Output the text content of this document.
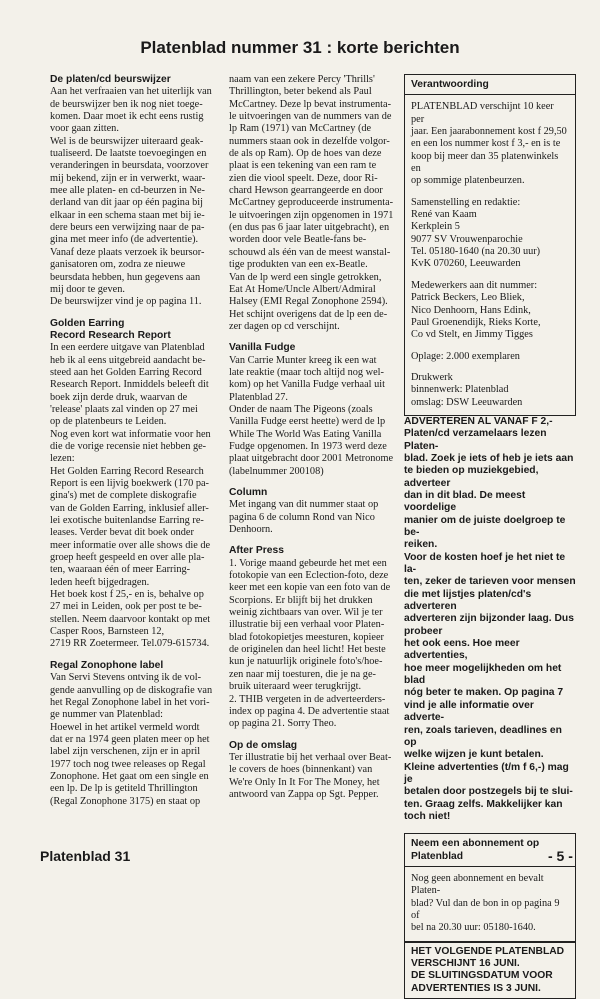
Platenblad nummer 31 : korte berichten
De platen/cd beurswijzer

Aan het verfraaien van het uiterlijk van
de beurswijzer ben ik nog niet toege-
komen. Daar moet ik echt eens rustig
voor gaan zitten.
Wel is de beurswijzer uiteraard geak-
tualiseerd. De laatste toevoegingen en
veranderingen in beursdata, voorzover
mij bekend, zijn er in verwerkt, waar-
mee alle platen- en cd-beurzen in Ne-
derland van dit jaar op één pagina bij
elkaar in een schema staan met bij ie-
dere beurs een verwijzing naar de pa-
gina met meer info (de advertentie).
Vanaf deze plaats verzoek ik beursor-
ganisatoren om, zodra ze nieuwe
beursdata hebben, hun gegevens aan
mij door te geven.
De beurswijzer vind je op pagina 11.

Golden Earring
Record Research Report

In een eerdere uitgave van Platenblad
heb ik al eens uitgebreid aandacht be-
steed aan het Golden Earring Record
Research Report. Inmiddels beleeft dit
boek zijn derde druk, waarvan de
'release' plaats zal vinden op 27 mei
op de platenbeurs te Leiden.
Nog even kort wat informatie voor hen
die de vorige recensie niet hebben ge-
lezen:
Het Golden Earring Record Research
Report is een lijvig boekwerk (170 pa-
gina's) met de complete diskografie
van de Golden Earring, inklusief aller-
lei exotische buitenlandse Earring re-
leases. Verder bevat dit boek onder
meer informatie over alle shows die de
groep heeft gespeeld en over alle pla-
ten, waaraan één of meer Earring-
leden heeft bijgedragen.
Het boek kost f 25,- en is, behalve op
27 mei in Leiden, ook per post te be-
stellen. Neem daarvoor kontakt op met
Casper Roos, Barnsteen 12,
2719 RR Zoetermeer. Tel.079-615734.

Regal Zonophone label

Van Servi Stevens ontving ik de vol-
gende aanvulling op de diskografie van
het Regal Zonophone label in het vori-
ge nummer van Platenblad:
Hoewel in het artikel vermeld wordt
dat er na 1974 geen platen meer op het
label zijn verschenen, zijn er in april
1977 toch nog twee releases op Regal
Zonophone. Het gaat om een single en
een lp. De lp is getiteld Thrillington
(Regal Zonophone 3175) en staat op

naam van een zekere Percy 'Thrills'
Thrillington, beter bekend als Paul
McCartney. Deze lp bevat instrumenta-
le uitvoeringen van de nummers van de
lp Ram (1971) van McCartney (de
nummers staan ook in dezelfde volgor-
de als op Ram). Op de hoes van deze
plaat is een tekening van een ram te
zien die viool speelt. Deze, door Ri-
chard Hewson gearrangeerde en door
McCartney geproduceerde instrumenta-
le uitvoeringen zijn opgenomen in 1971
(en dus pas 6 jaar later uitgebracht), en
worden door vele Beatle-fans be-
schouwd als één van de meest wanstal-
tige produkten van een ex-Beatle.
Van de lp werd een single getrokken,
Eat At Home/Uncle Albert/Admiral
Halsey (EMI Regal Zonophone 2594).
Het schijnt overigens dat de lp een de-
zer dagen op cd verschijnt.

Vanilla Fudge

Van Carrie Munter kreeg ik een wat
late reaktie (maar toch altijd nog wel-
kom) op het Vanilla Fudge verhaal uit
Platenblad 27.
Onder de naam The Pigeons (zoals
Vanilla Fudge eerst heette) werd de lp
While The World Was Eating Vanilla
Fudge opgenomen. In 1973 werd deze
plaat uitgebracht door 2001 Metronome
(labelnummer 200108)

Column

Met ingang van dit nummer staat op
pagina 6 de column Rond van Nico
Denhoorn.

After Press

1. Vorige maand gebeurde het met een
fotokopie van een Eclection-foto, deze
keer met een kopie van een foto van de
Scorpions. Er blijft bij het drukken
weinig zichtbaars van over. Wil je ter
illustratie bij een verhaal voor Platen-
blad fotokopietjes meesturen, kopieer
de originelen dan heel licht! Het beste
kun je natuurlijk originele foto's/hoe-
zen naar mij toesturen, die je na ge-
bruik uiteraard weer terugkrijgt.
2. THIB vergeten in de adverteerders-
index op pagina 4. De advertentie staat
op pagina 21. Sorry Theo.

Op de omslag

Ter illustratie bij het verhaal over Beat-
le covers de hoes (binnenkant) van
We're Only In It For The Money, het
antwoord van Zappa op Sgt. Pepper.

Verantwoording

PLATENBLAD verschijnt 10 keer per
jaar. Een jaarabonnement kost f 29,50
en een los nummer kost f 3,- en is te
koop bij meer dan 35 platenwinkels en
op sommige platenbeurzen.

Samenstelling en redaktie:
René van Kaam
Kerkplein 5
9077 SV Vrouwenparochie
Tel. 05180-1640 (na 20.30 uur)
KvK 070260, Leeuwarden

Medewerkers aan dit nummer:
Patrick Beckers, Leo Bliek,
Nico Denhoorn, Hans Edink,
Paul Groenendijk, Rieks Korte,
Co vd Stelt, en Jimmy Tigges

Oplage: 2.000 exemplaren

Drukwerk
binnenwerk: Platenblad
omslag: DSW Leeuwarden

ADVERTEREN AL VANAF F 2,-
Platen/cd verzamelaars lezen Platen-
blad. Zoek je iets of heb je iets aan
te bieden op muziekgebied, adverteer
dan in dit blad. De meest voordelige
manier om de juiste doelgroep te be-
reiken.
Voor de kosten hoef je het niet te la-
ten, zeker de tarieven voor mensen
die met lijstjes platen/cd's adverteren
adverteren zijn bijzonder laag. Dus probeer
het ook eens. Hoe meer advertenties,
hoe meer mogelijkheden om het blad
nóg beter te maken. Op pagina 7
vind je alle informatie over adverte-
ren, zoals tarieven, deadlines en op
welke wijzen je kunt betalen.
Kleine advertenties (t/m f 6,-) mag je
betalen door postzegels bij te slui-
ten. Graag zelfs. Makkelijker kan
toch niet!

Neem een abonnement op Platenblad

Nog geen abonnement en bevalt Platen-
blad? Vul dan de bon in op pagina 9 of
bel na 20.30 uur: 05180-1640.

HET VOLGENDE PLATENBLAD
VERSCHIJNT 16 JUNI.
DE SLUITINGSDATUM VOOR
ADVERTENTIES IS 3 JUNI.

Platenblad 31	- 5 -
